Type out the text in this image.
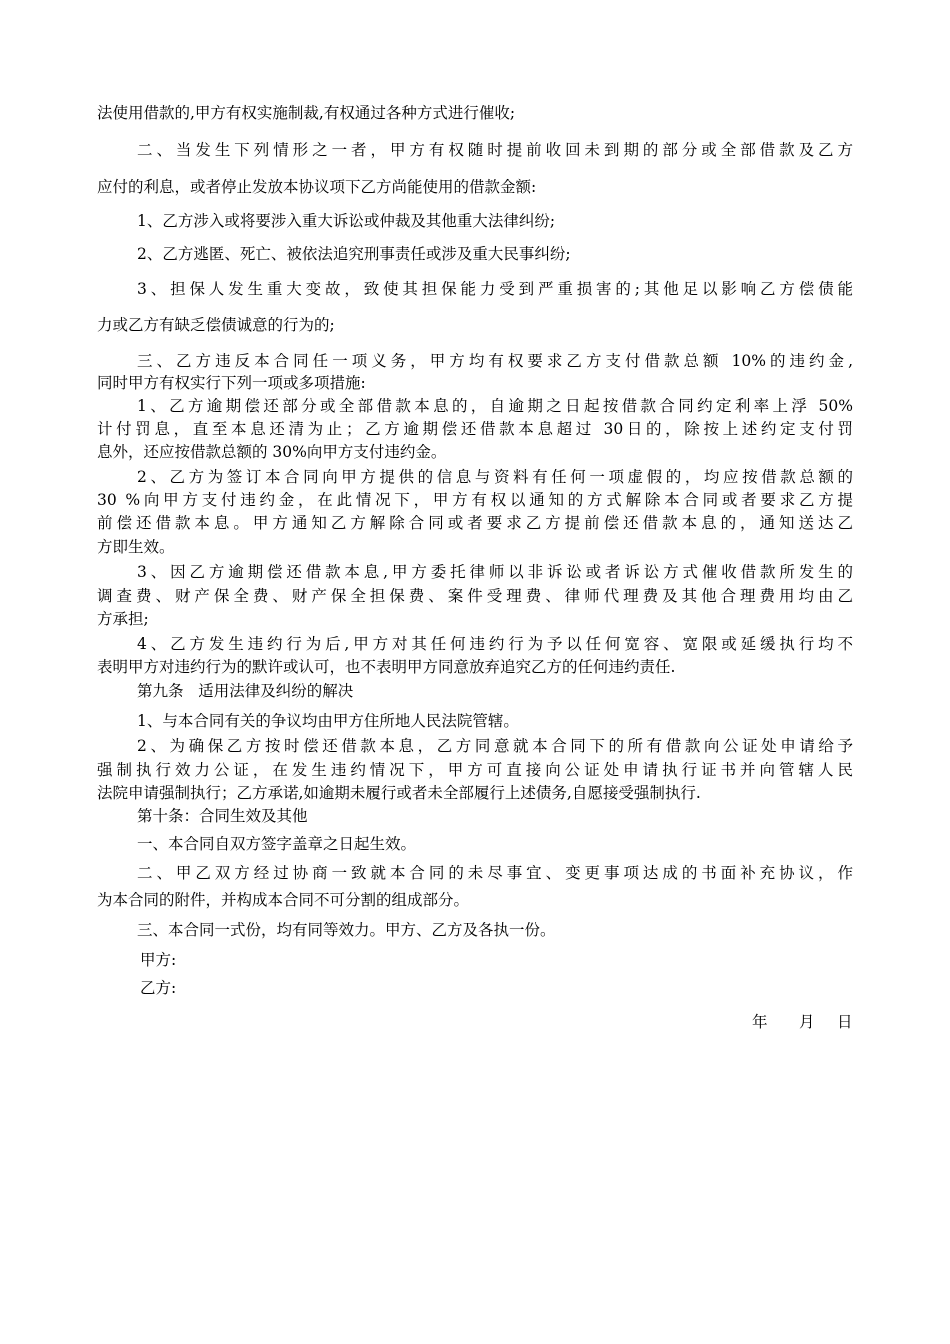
法使用借款的,甲方有权实施制裁,有权通过各种方式进行催收;
二、当发生下列情形之一者，甲方有权随时提前收回未到期的部分或全部借款及乙方
应付的利息，或者停止发放本协议项下乙方尚能使用的借款金额:
1、乙方涉入或将要涉入重大诉讼或仲裁及其他重大法律纠纷;
2、乙方逃匿、死亡、被依法追究刑事责任或涉及重大民事纠纷;
3、担保人发生重大变故，致使其担保能力受到严重损害的;其他足以影响乙方偿债能
力或乙方有缺乏偿债诚意的行为的;
三、乙方违反本合同任一项义务，甲方均有权要求乙方支付借款总额 10%的违约金,
同时甲方有权实行下列一项或多项措施:
1、乙方逾期偿还部分或全部借款本息的，自逾期之日起按借款合同约定利率上浮 50%
计付罚息，直至本息还清为止；乙方逾期偿还借款本息超过 30日的，除按上述约定支付罚
息外，还应按借款总额的 30%向甲方支付违约金。
2、乙方为签订本合同向甲方提供的信息与资料有任何一项虚假的，均应按借款总额的
30 %向甲方支付违约金，在此情况下，甲方有权以通知的方式解除本合同或者要求乙方提
前偿还借款本息。甲方通知乙方解除合同或者要求乙方提前偿还借款本息的，通知送达乙
方即生效。
3、因乙方逾期偿还借款本息,甲方委托律师以非诉讼或者诉讼方式催收借款所发生的
调查费、财产保全费、财产保全担保费、案件受理费、律师代理费及其他合理费用均由乙
方承担;
4、乙方发生违约行为后,甲方对其任何违约行为予以任何宽容、宽限或延缓执行均不
表明甲方对违约行为的默许或认可，也不表明甲方同意放弃追究乙方的任何违约责任.
第九条   适用法律及纠纷的解决
1、与本合同有关的争议均由甲方住所地人民法院管辖。
2、为确保乙方按时偿还借款本息，乙方同意就本合同下的所有借款向公证处申请给予
强制执行效力公证，在发生违约情况下，甲方可直接向公证处申请执行证书并向管辖人民
法院申请强制执行；乙方承诺,如逾期未履行或者未全部履行上述债务,自愿接受强制执行.
第十条：合同生效及其他
一、本合同自双方签字盖章之日起生效。
二、甲乙双方经过协商一致就本合同的未尽事宜、变更事项达成的书面补充协议，作
为本合同的附件，并构成本合同不可分割的组成部分。
三、本合同一式份，均有同等效力。甲方、乙方及各执一份。
甲方:
乙方:
年 月 日
